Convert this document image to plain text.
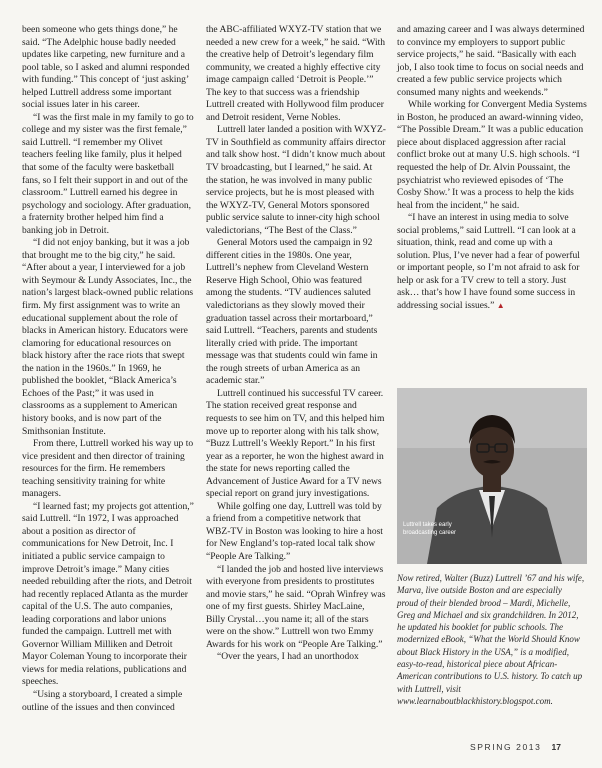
been someone who gets things done,” he said. “The Adelphic house badly needed updates like carpeting, new furniture and a pool table, so I asked and alumni responded with funding.” This concept of ‘just asking’ helped Luttrell address some important social issues later in his career.

“I was the first male in my family to go to college and my sister was the first female,” said Luttrell. “I remember my Olivet teachers feeling like family, plus it helped that some of the faculty were basketball fans, so I felt their support in and out of the classroom.” Luttrell earned his degree in psychology and sociology. After graduation, a fraternity brother helped him find a banking job in Detroit.

“I did not enjoy banking, but it was a job that brought me to the big city,” he said. “After about a year, I interviewed for a job with Seymour & Lundy Associates, Inc., the nation’s largest black-owned public relations firm. My first assignment was to write an educational supplement about the role of blacks in American history. Educators were clamoring for educational resources on black history after the race riots that swept the nation in the 1960s.” In 1969, he published the booklet, “Black America’s Echoes of the Past;” it was used in classrooms as a supplement to American history books, and is now part of the Smithsonian Institute.

From there, Luttrell worked his way up to vice president and then director of training resources for the firm. He remembers teaching sensitivity training for white managers.

“I learned fast; my projects got attention,” said Luttrell. “In 1972, I was approached about a position as director of communications for New Detroit, Inc. I initiated a public service campaign to improve Detroit’s image.” Many cities needed rebuilding after the riots, and Detroit had recently replaced Atlanta as the murder capital of the U.S. The auto companies, leading corporations and labor unions funded the campaign. Luttrell met with Governor William Milliken and Detroit Mayor Coleman Young to incorporate their views for media relations, publications and speeches.

“Using a storyboard, I created a simple outline of the issues and then convinced

the ABC-affiliated WXYZ-TV station that we needed a new crew for a week,” he said. “With the creative help of Detroit’s legendary film community, we created a highly effective city image campaign called ‘Detroit is People.’” The key to that success was a friendship Luttrell created with Hollywood film producer and Detroit resident, Verne Nobles.

Luttrell later landed a position with WXYZ-TV in Southfield as community affairs director and talk show host. “I didn’t know much about TV broadcasting, but I learned,” he said. At the station, he was involved in many public service projects, but he is most pleased with the WXYZ-TV, General Motors sponsored public service salute to inner-city high school valedictorians, “The Best of the Class.”

General Motors used the campaign in 92 different cities in the 1980s. One year, Luttrell’s nephew from Cleveland Western Reserve High School, Ohio was featured among the students. “TV audiences saluted valedictorians as they slowly moved their graduation tassel across their mortarboard,” said Luttrell. “Teachers, parents and students literally cried with pride. The important message was that students could win fame in the rough streets of urban America as an academic star.”

Luttrell continued his successful TV career. The station received great response and requests to see him on TV, and this helped him move up to reporter along with his talk show, “Buzz Luttrell’s Weekly Report.” In his first year as a reporter, he won the highest award in the state for news reporting called the Advancement of Justice Award for a TV news special report on grand jury investigations.

While golfing one day, Luttrell was told by a friend from a competitive network that WBZ-TV in Boston was looking to hire a host for New England’s top-rated local talk show “People Are Talking.”

“I landed the job and hosted live interviews with everyone from presidents to prostitutes and movie stars,” he said. “Oprah Winfrey was one of my first guests. Shirley MacLaine, Billy Crystal…you name it; all of the stars were on the show.” Luttrell won two Emmy Awards for his work on “People Are Talking.”

“Over the years, I had an unorthodox

and amazing career and I was always determined to convince my employers to support public service projects,” he said. “Basically with each job, I also took time to focus on social needs and created a few public service projects which consumed many nights and weekends.”

While working for Convergent Media Systems in Boston, he produced an award-winning video, “The Possible Dream.” It was a public education piece about displaced aggression after racial conflict broke out at many U.S. high schools. “I requested the help of Dr. Alvin Poussaint, the psychiatrist who reviewed episodes of ‘The Cosby Show.’ It was a process to help the kids heal from the incident,” he said.

“I have an interest in using media to solve social problems,” said Luttrell. “I can look at a situation, think, read and come up with a solution. Plus, I’ve never had a fear of powerful or important people, so I’m not afraid to ask for help or ask for a TV crew to tell a story. Just ask… that’s how I have found some success in addressing social issues.” ▲

Luttrell takes early broadcasting career
Now retired, Walter (Buzz) Luttrell ’67 and his wife, Marva, live outside Boston and are especially proud of their blended brood – Mardi, Michelle, Greg and Michael and six grandchildren. In 2012, he updated his booklet for public schools. The modernized eBook, “What the World Should Know about Black History in the USA,” is a modified, easy-to-read, historical piece about African-American contributions to U.S. history. To catch up with Luttrell, visit www.learnaboutblackhistory.blogspot.com.
SPRING 2013 17
